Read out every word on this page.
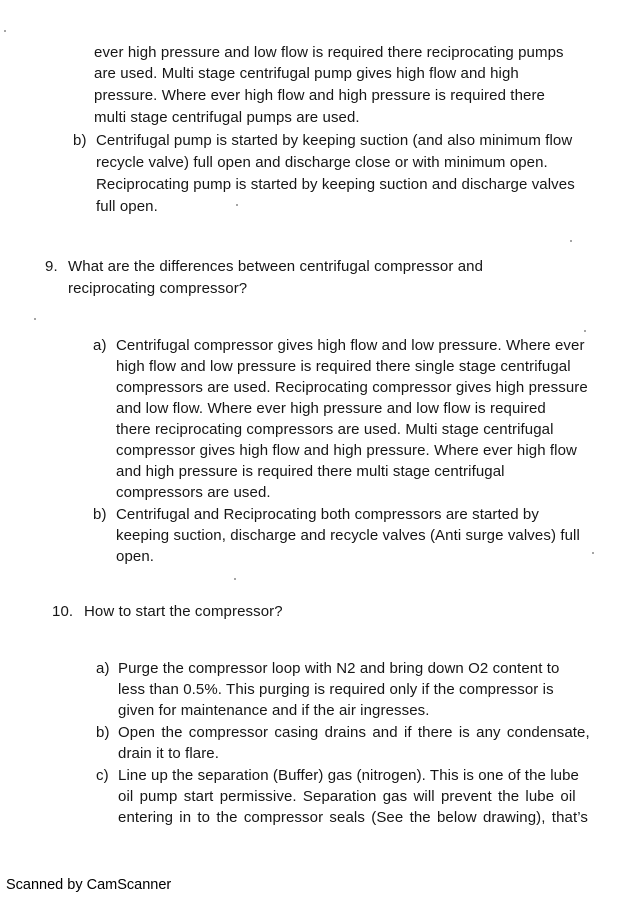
ever high pressure and low flow is required there reciprocating pumps
are used. Multi stage centrifugal pump gives high flow and high
pressure. Where ever high flow and high pressure is required there
multi stage centrifugal pumps are used.
b) Centrifugal pump is started by keeping suction (and also minimum flow
recycle valve) full open and discharge close or with minimum open.
Reciprocating pump is started by keeping suction and discharge valves
full open.
9. What are the differences between centrifugal compressor and
reciprocating compressor?
a) Centrifugal compressor gives high flow and low pressure. Where ever
high flow and low pressure is required there single stage centrifugal
compressors are used. Reciprocating compressor gives high pressure
and low flow. Where ever high pressure and low flow is required
there reciprocating compressors are used. Multi stage centrifugal
compressor gives high flow and high pressure. Where ever high flow
and high pressure is required there multi stage centrifugal
compressors are used.
b) Centrifugal and Reciprocating both compressors are started by
keeping suction, discharge and recycle valves (Anti surge valves) full
open.
10. How to start the compressor?
a) Purge the compressor loop with N2 and bring down O2 content to
less than 0.5%. This purging is required only if the compressor is
given for maintenance and if the air ingresses.
b) Open the compressor casing drains and if there is any condensate,
drain it to flare.
c) Line up the separation (Buffer) gas (nitrogen). This is one of the lube
oil pump start permissive. Separation gas will prevent the lube oil
entering in to the compressor seals (See the below drawing), that’s
Scanned by CamScanner
